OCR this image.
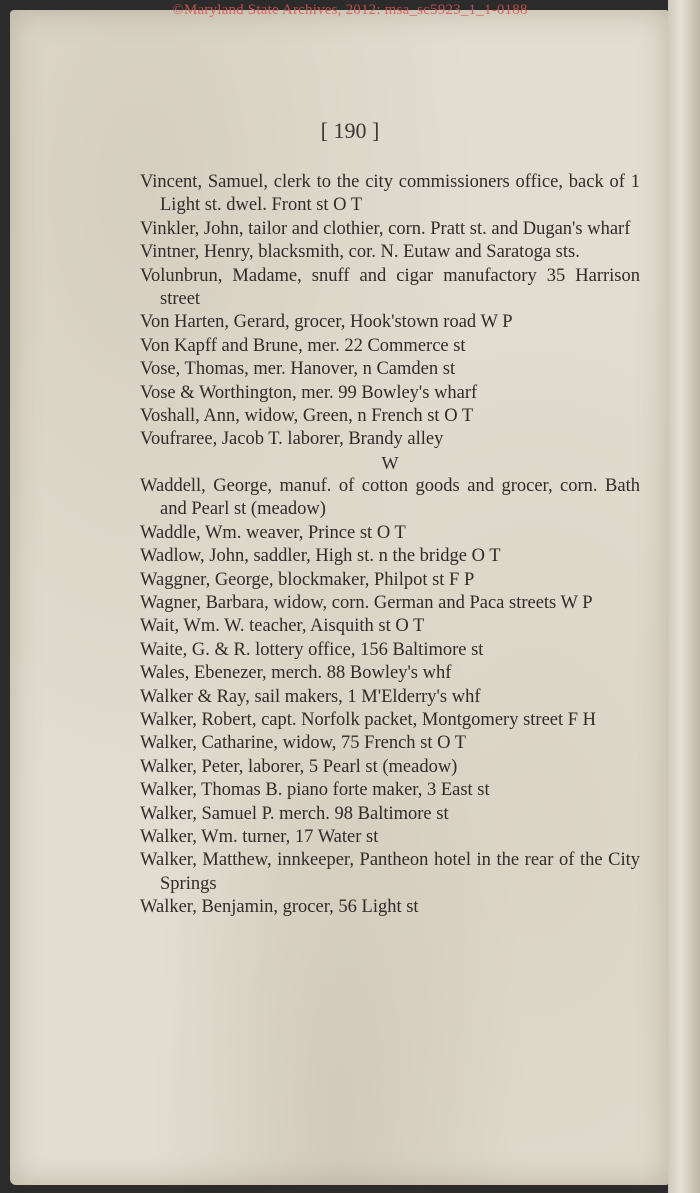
©Maryland State Archives, 2012: msa_sc5923_1_1-0188
[ 190 ]

Vincent, Samuel, clerk to the city commissioners office, back of 1 Light st. dwel. Front st O T

Vinkler, John, tailor and clothier, corn. Pratt st. and Dugan's wharf

Vintner, Henry, blacksmith, cor. N. Eutaw and Saratoga sts.

Volunbrun, Madame, snuff and cigar manufactory 35 Harrison street

Von Harten, Gerard, grocer, Hook'stown road W P

Von Kapff and Brune, mer. 22 Commerce st

Vose, Thomas, mer. Hanover, n Camden st

Vose & Worthington, mer. 99 Bowley's wharf

Voshall, Ann, widow, Green, n French st O T

Voufraree, Jacob T. laborer, Brandy alley

W

Waddell, George, manuf. of cotton goods and grocer, corn. Bath and Pearl st (meadow)

Waddle, Wm. weaver, Prince st O T

Wadlow, John, saddler, High st. n the bridge O T

Waggner, George, blockmaker, Philpot st F P

Wagner, Barbara, widow, corn. German and Paca streets W P

Wait, Wm. W. teacher, Aisquith st O T

Waite, G. & R. lottery office, 156 Baltimore st

Wales, Ebenezer, merch. 88 Bowley's whf

Walker & Ray, sail makers, 1 M'Elderry's whf

Walker, Robert, capt. Norfolk packet, Montgomery street F H

Walker, Catharine, widow, 75 French st O T

Walker, Peter, laborer, 5 Pearl st (meadow)

Walker, Thomas B. piano forte maker, 3 East st

Walker, Samuel P. merch. 98 Baltimore st

Walker, Wm. turner, 17 Water st

Walker, Matthew, innkeeper, Pantheon hotel in the rear of the City Springs

Walker, Benjamin, grocer, 56 Light st
